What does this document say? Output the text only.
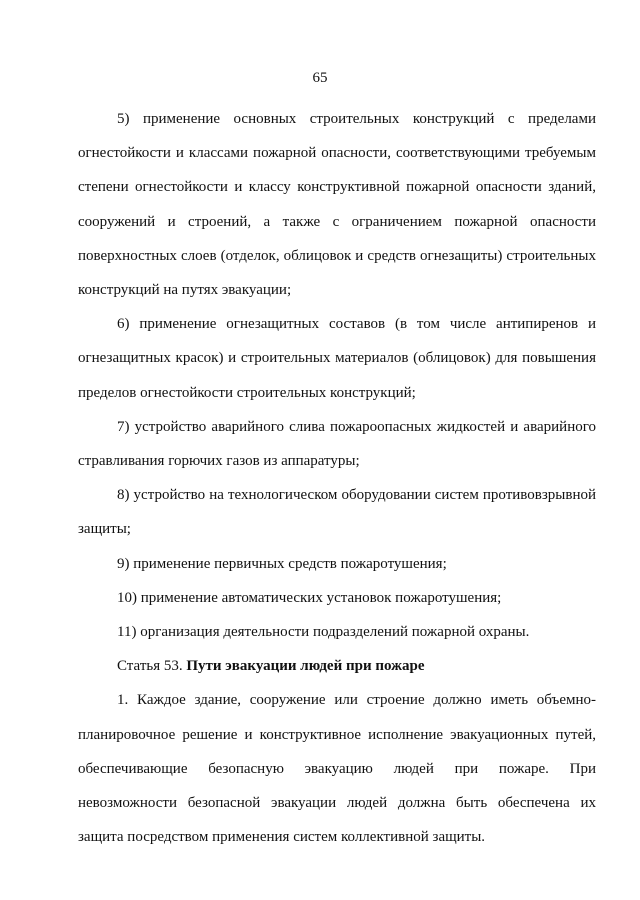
65

5) применение основных строительных конструкций с пределами огнестойкости и классами пожарной опасности, соответствующими требуемым степени огнестойкости и классу конструктивной пожарной опасности зданий, сооружений и строений, а также с ограничением пожарной опасности поверхностных слоев (отделок, облицовок и средств огнезащиты) строительных конструкций на путях эвакуации;

6) применение огнезащитных составов (в том числе антипиренов и огнезащитных красок) и строительных материалов (облицовок) для повышения пределов огнестойкости строительных конструкций;

7) устройство аварийного слива пожароопасных жидкостей и аварийного стравливания горючих газов из аппаратуры;

8) устройство на технологическом оборудовании систем противовзрывной защиты;

9) применение первичных средств пожаротушения;

10) применение автоматических установок пожаротушения;

11) организация деятельности подразделений пожарной охраны.

Статья 53. Пути эвакуации людей при пожаре

1. Каждое здание, сооружение или строение должно иметь объемно-планировочное решение и конструктивное исполнение эвакуационных путей, обеспечивающие безопасную эвакуацию людей при пожаре. При невозможности безопасной эвакуации людей должна быть обеспечена их защита посредством применения систем коллективной защиты.
